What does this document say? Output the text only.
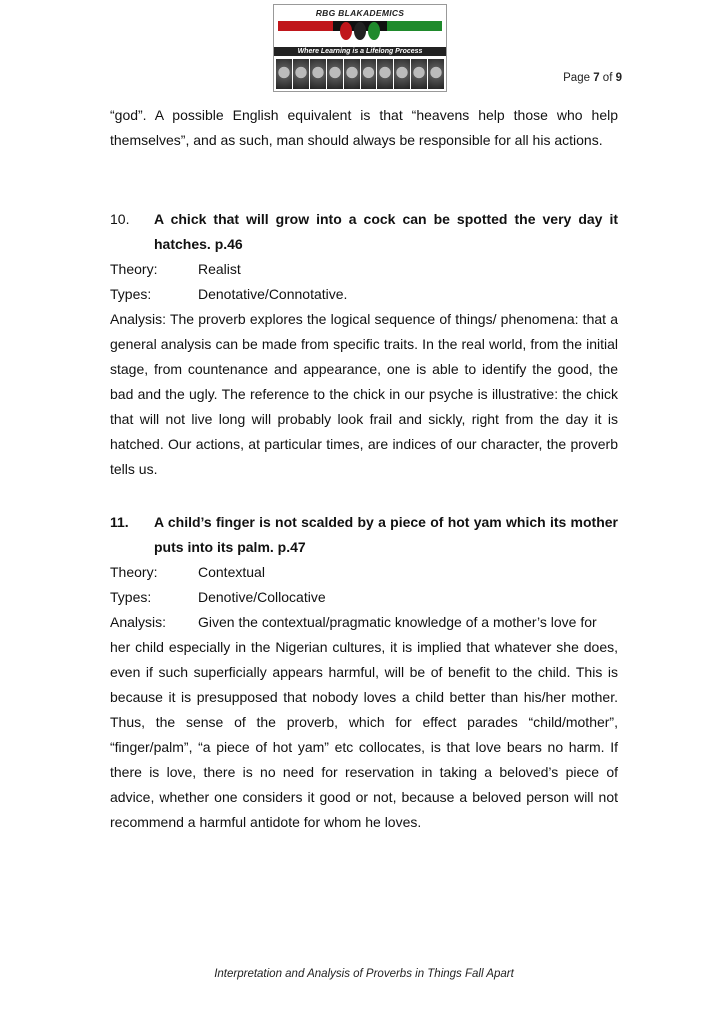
RBG BLAKADEMICS
Where Learning is a Lifelong Process
Page 7 of 9
“god”. A possible English equivalent is that “heavens help those who help themselves”, and as such, man should always be responsible for all his actions.
10. A chick that will grow into a cock can be spotted the very day it hatches. p.46
Theory:	Realist
Types:	Denotative/Connotative.
Analysis: The proverb explores the logical sequence of things/ phenomena: that a general analysis can be made from specific traits. In the real world, from the initial stage, from countenance and appearance, one is able to identify the good, the bad and the ugly. The reference to the chick in our psyche is illustrative: the chick that will not live long will probably look frail and sickly, right from the day it is hatched. Our actions, at particular times, are indices of our character, the proverb tells us.
11. A child’s finger is not scalded by a piece of hot yam which its mother puts into its palm. p.47
Theory:	Contextual
Types:	Denotive/Collocative
Analysis: Given the contextual/pragmatic knowledge of a mother’s love for
her child especially in the Nigerian cultures, it is implied that whatever she does, even if such superficially appears harmful, will be of benefit to the child. This is because it is presupposed that nobody loves a child better than his/her mother. Thus, the sense of the proverb, which for effect parades “child/mother”, “finger/palm”, “a piece of hot yam” etc collocates, is that love bears no harm. If there is love, there is no need for reservation in taking a beloved’s piece of advice, whether one considers it good or not, because a beloved person will not recommend a harmful antidote for whom he loves.
Interpretation and Analysis of Proverbs in Things Fall Apart
